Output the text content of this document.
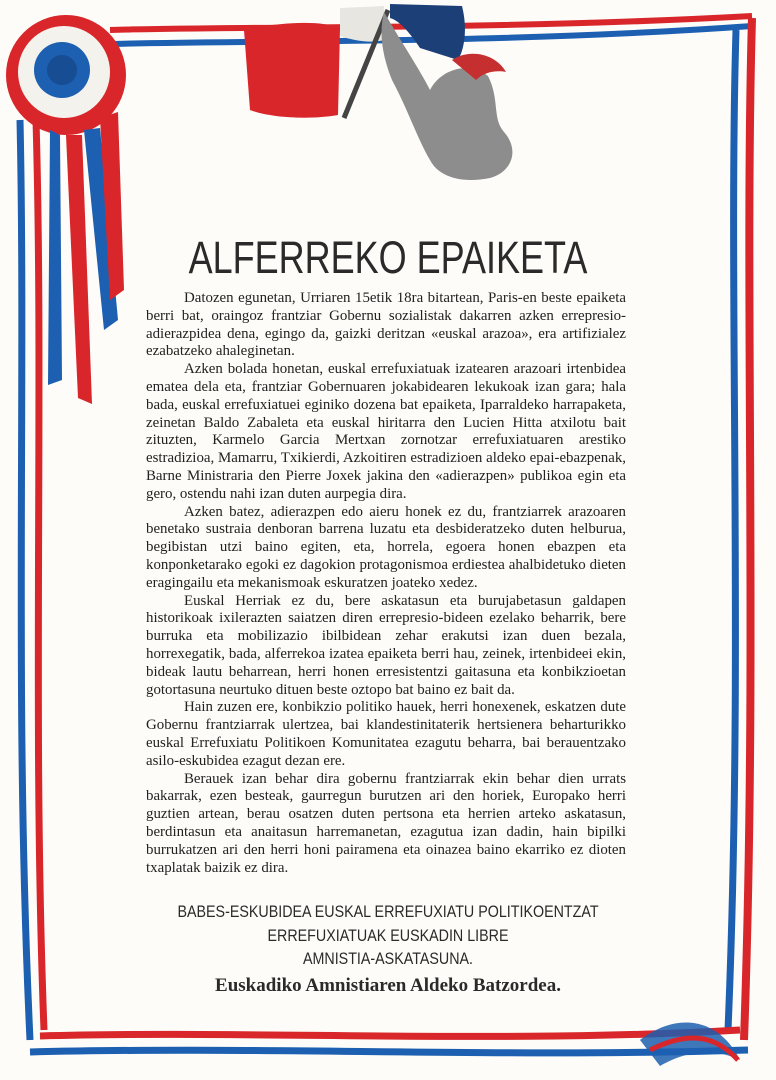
ALFERREKO EPAIKETA

Datozen egunetan, Urriaren 15etik 18ra bitartean, Paris-en beste epaiketa berri bat, oraingoz frantziar Gobernu sozialistak dakarren azken errepresio-adierazpidea dena, egingo da, gaizki deritzan «euskal arazoa», era artifizialez ezabatzeko ahaleginetan.

Azken bolada honetan, euskal errefuxiatuak izatearen arazoari irtenbidea ematea dela eta, frantziar Gobernuaren jokabidearen lekukoak izan gara; hala bada, euskal errefuxiatuei eginiko dozena bat epaiketa, Iparraldeko harrapaketa, zeinetan Baldo Zabaleta eta euskal hiritarra den Lucien Hitta atxilotu bait zituzten, Karmelo Garcia Mertxan zornotzar errefuxiatuaren arestiko estradizioa, Mamarru, Txikierdi, Azkoitiren estradizioen aldeko epai-ebazpenak, Barne Ministraria den Pierre Joxek jakina den «adierazpen» publikoa egin eta gero, ostendu nahi izan duten aurpegia dira.

Azken batez, adierazpen edo aieru honek ez du, frantziarrek arazoaren benetako sustraia denboran barrena luzatu eta desbideratzeko duten helburua, begibistan utzi baino egiten, eta, horrela, egoera honen ebazpen eta konponketarako egoki ez dagokion protagonismoa erdiestea ahalbidetuko dieten eragingailu eta mekanismoak eskuratzen joateko xedez.

Euskal Herriak ez du, bere askatasun eta burujabetasun galdapen historikoak ixilerazten saiatzen diren errepresio-bideen ezelako beharrik, bere burruka eta mobilizazio ibilbidean zehar erakutsi izan duen bezala, horrexegatik, bada, alferrekoa izatea epaiketa berri hau, zeinek, irtenbideei ekin, bideak lautu beharrean, herri honen erresistentzi gaitasuna eta konbikzioetan gotortasuna neurtuko dituen beste oztopo bat baino ez bait da.

Hain zuzen ere, konbikzio politiko hauek, herri honexenek, eskatzen dute Gobernu frantziarrak ulertzea, bai klandestinitaterik hertsienera beharturikko euskal Errefuxiatu Politikoen Komunitatea ezagutu beharra, bai berauentzako asilo-eskubidea ezagut dezan ere.

Berauek izan behar dira gobernu frantziarrak ekin behar dien urrats bakarrak, ezen besteak, gaurregun burutzen ari den horiek, Europako herri guztien artean, berau osatzen duten pertsona eta herrien arteko askatasun, berdintasun eta anaitasun harremanetan, ezagutua izan dadin, hain bipilki burrukatzen ari den herri honi pairamena eta oinazea baino ekarriko ez dioten txaplatak baizik ez dira.

BABES-ESKUBIDEA EUSKAL ERREFUXIATU POLITIKOENTZAT
ERREFUXIATUAK EUSKADIN LIBRE
AMNISTIA-ASKATASUNA.
Euskadiko Amnistiaren Aldeko Batzordea.
